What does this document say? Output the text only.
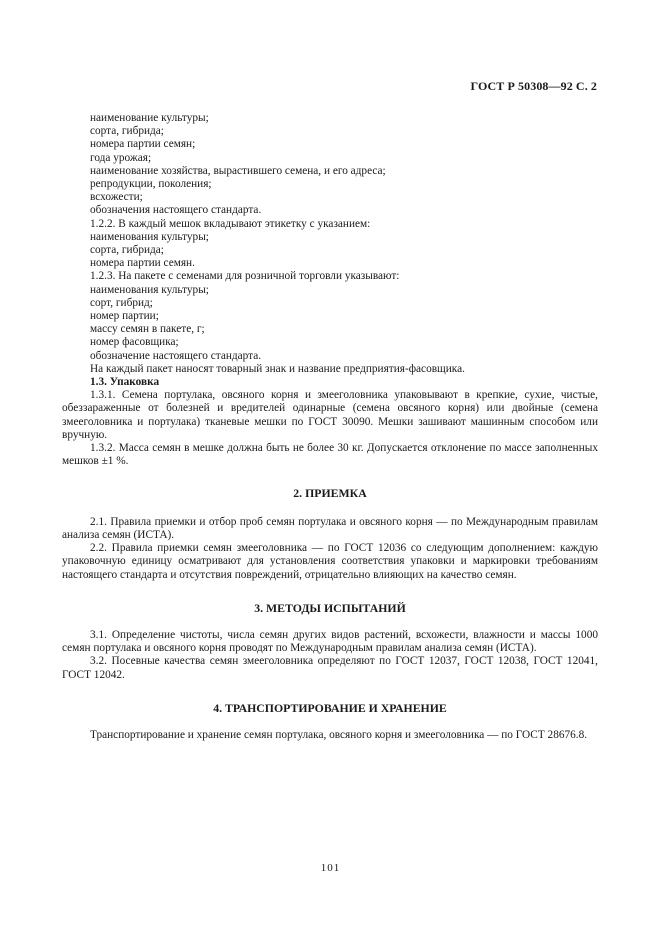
ГОСТ Р 50308—92 С. 2

наименование культуры;

сорта, гибрида;

номера партии семян;

года урожая;

наименование хозяйства, вырастившего семена, и его адреса;

репродукции, поколения;

всхожести;

обозначения настоящего стандарта.

1.2.2. В каждый мешок вкладывают этикетку с указанием:

наименования культуры;

сорта, гибрида;

номера партии семян.

1.2.3. На пакете с семенами для розничной торговли указывают:

наименования культуры;

сорт, гибрид;

номер партии;

массу семян в пакете, г;

номер фасовщика;

обозначение настоящего стандарта.

На каждый пакет наносят товарный знак и название предприятия-фасовщика.

1.3. Упаковка

1.3.1. Семена портулака, овсяного корня и змееголовника упаковывают в крепкие, сухие, чистые, обеззараженные от болезней и вредителей одинарные (семена овсяного корня) или двойные (семена змееголовника и портулака) тканевые мешки по ГОСТ 30090. Мешки зашивают машинным способом или вручную.

1.3.2. Масса семян в мешке должна быть не более 30 кг. Допускается отклонение по массе заполненных мешков ±1 %.

2. ПРИЕМКА

2.1. Правила приемки и отбор проб семян портулака и овсяного корня — по Международным правилам анализа семян (ИСТА).

2.2. Правила приемки семян змееголовника — по ГОСТ 12036 со следующим дополнением: каждую упаковочную единицу осматривают для установления соответствия упаковки и маркировки требованиям настоящего стандарта и отсутствия повреждений, отрицательно влияющих на качество семян.

3. МЕТОДЫ ИСПЫТАНИЙ

3.1. Определение чистоты, числа семян других видов растений, всхожести, влажности и массы 1000 семян портулака и овсяного корня проводят по Международным правилам анализа семян (ИСТА).

3.2. Посевные качества семян змееголовника определяют по ГОСТ 12037, ГОСТ 12038, ГОСТ 12041, ГОСТ 12042.

4. ТРАНСПОРТИРОВАНИЕ И ХРАНЕНИЕ

Транспортирование и хранение семян портулака, овсяного корня и змееголовника — по ГОСТ 28676.8.

101
